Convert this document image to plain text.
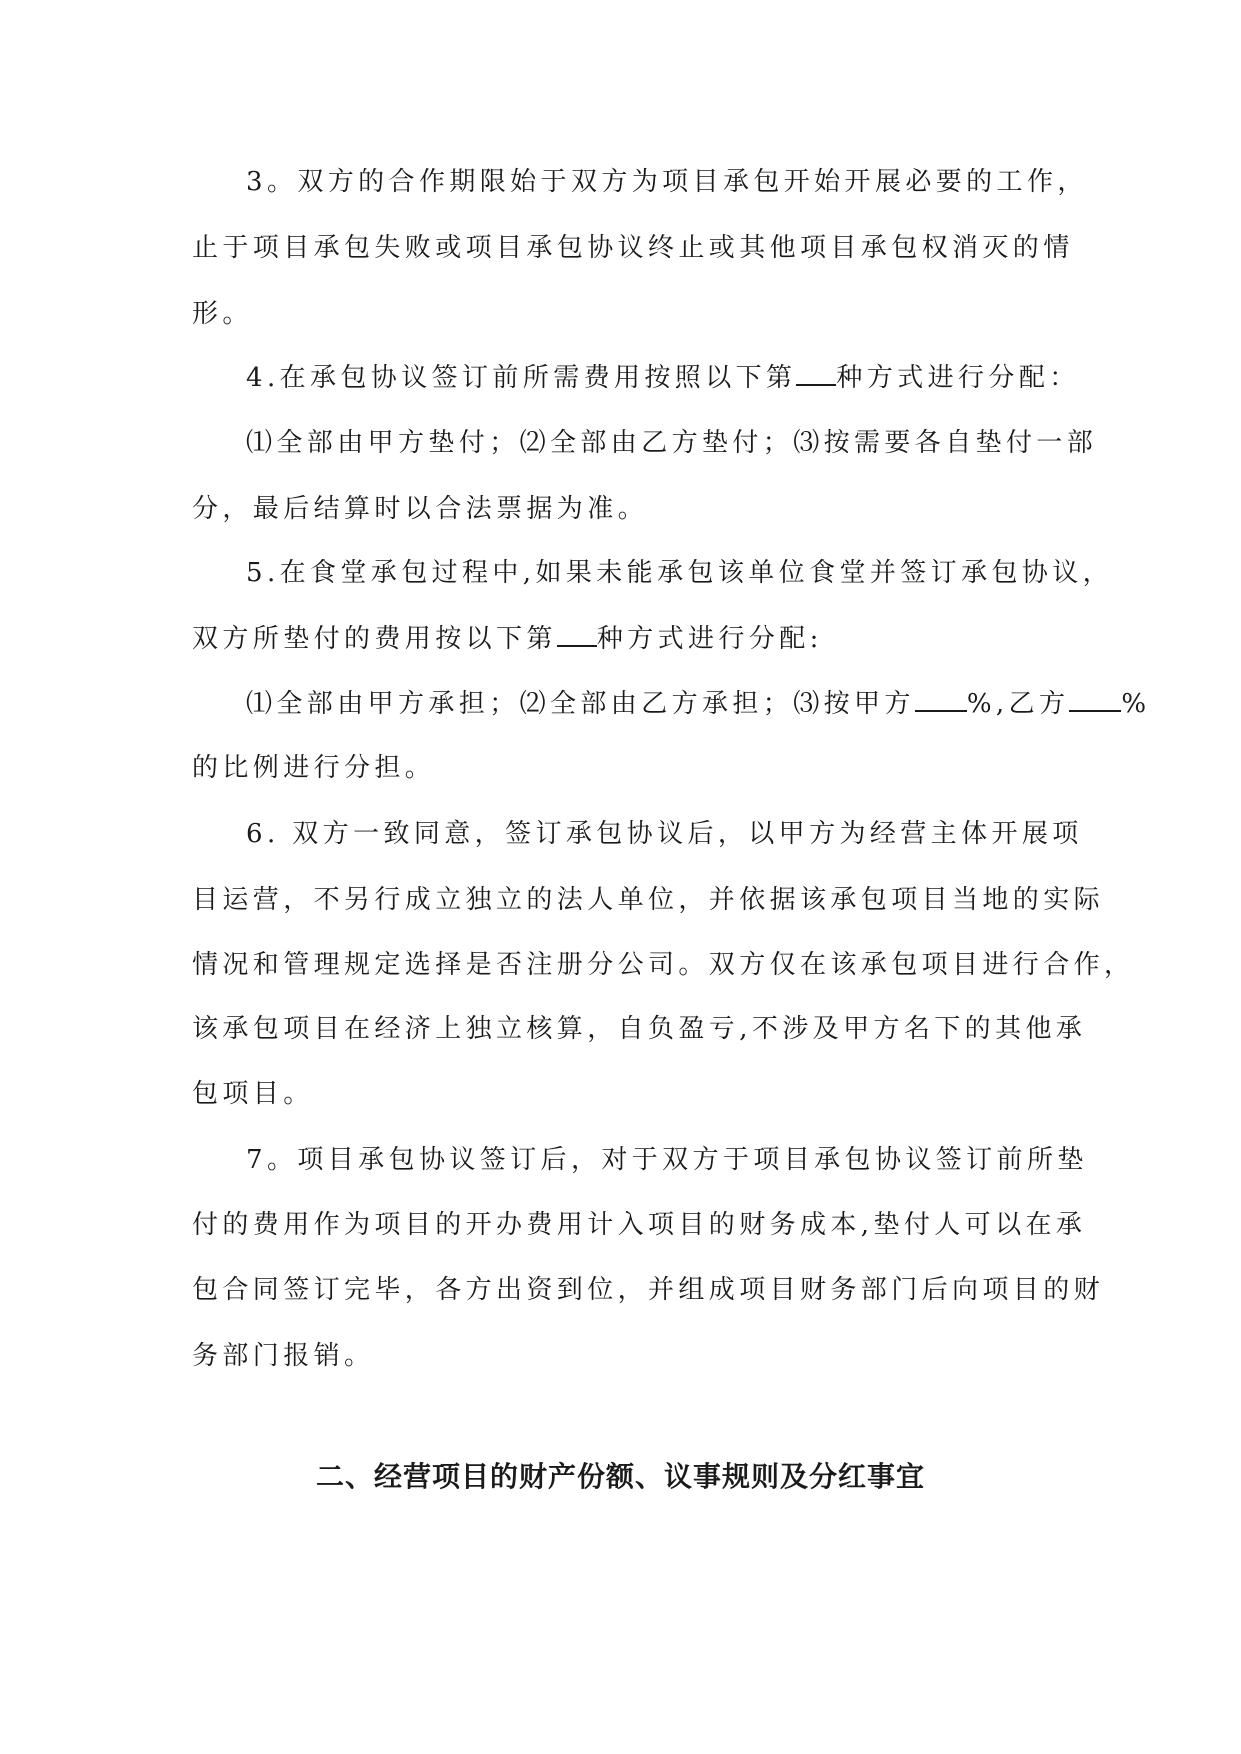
3。双方的合作期限始于双方为项目承包开始开展必要的工作，
止于项目承包失败或项目承包协议终止或其他项目承包权消灭的情
形。
4.在承包协议签订前所需费用按照以下第 种方式进行分配：
⑴全部由甲方垫付；⑵全部由乙方垫付；⑶按需要各自垫付一部
分，最后结算时以合法票据为准。
5.在食堂承包过程中,如果未能承包该单位食堂并签订承包协议，
双方所垫付的费用按以下第 种方式进行分配:
⑴全部由甲方承担；⑵全部由乙方承担；⑶按甲方 %,乙方 %
的比例进行分担。
6. 双方一致同意，签订承包协议后，以甲方为经营主体开展项
目运营，不另行成立独立的法人单位，并依据该承包项目当地的实际
情况和管理规定选择是否注册分公司。双方仅在该承包项目进行合作，
该承包项目在经济上独立核算，自负盈亏,不涉及甲方名下的其他承
包项目。
7。项目承包协议签订后，对于双方于项目承包协议签订前所垫
付的费用作为项目的开办费用计入项目的财务成本,垫付人可以在承
包合同签订完毕，各方出资到位，并组成项目财务部门后向项目的财
务部门报销。
二、经营项目的财产份额、议事规则及分红事宜
